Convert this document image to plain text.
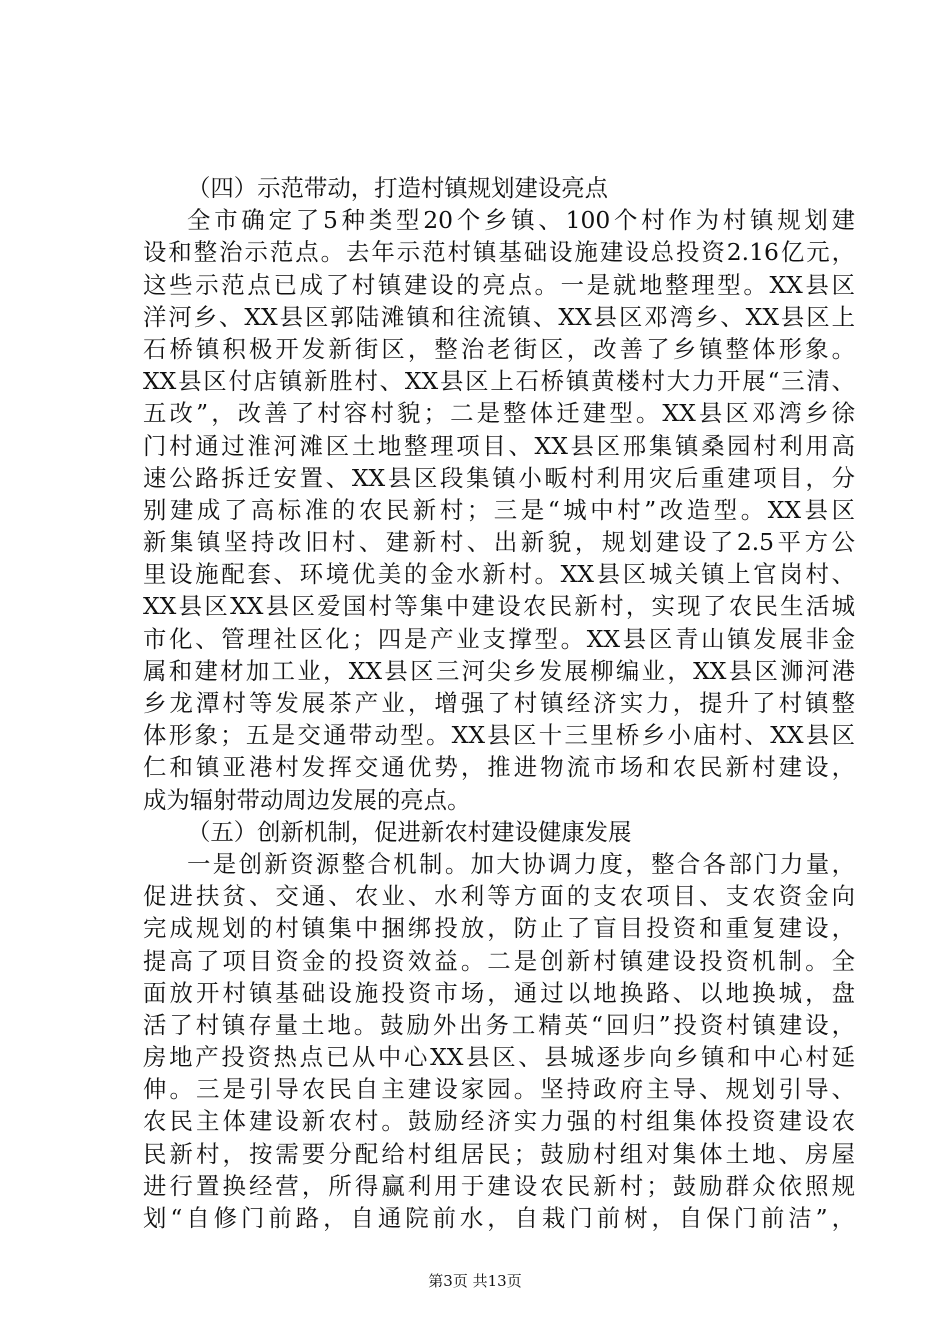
（四）示范带动，打造村镇规划建设亮点
全市确定了5种类型20个乡镇、100个村作为村镇规划建
设和整治示范点。去年示范村镇基础设施建设总投资2.16亿元，
这些示范点已成了村镇建设的亮点。一是就地整理型。XX县区
洋河乡、XX县区郭陆滩镇和往流镇、XX县区邓湾乡、XX县区上
石桥镇积极开发新街区，整治老街区，改善了乡镇整体形象。
XX县区付店镇新胜村、XX县区上石桥镇黄楼村大力开展“三清、
五改”，改善了村容村貌；二是整体迁建型。XX县区邓湾乡徐
门村通过淮河滩区土地整理项目、XX县区邢集镇桑园村利用高
速公路拆迁安置、XX县区段集镇小畈村利用灾后重建项目，分
别建成了高标准的农民新村；三是“城中村”改造型。XX县区
新集镇坚持改旧村、建新村、出新貌，规划建设了2.5平方公
里设施配套、环境优美的金水新村。XX县区城关镇上官岗村、
XX县区XX县区爱国村等集中建设农民新村，实现了农民生活城
市化、管理社区化；四是产业支撑型。XX县区青山镇发展非金
属和建材加工业，XX县区三河尖乡发展柳编业，XX县区浉河港
乡龙潭村等发展茶产业，增强了村镇经济实力，提升了村镇整
体形象；五是交通带动型。XX县区十三里桥乡小庙村、XX县区
仁和镇亚港村发挥交通优势，推进物流市场和农民新村建设，
成为辐射带动周边发展的亮点。
（五）创新机制，促进新农村建设健康发展
一是创新资源整合机制。加大协调力度，整合各部门力量，
促进扶贫、交通、农业、水利等方面的支农项目、支农资金向
完成规划的村镇集中捆绑投放，防止了盲目投资和重复建设，
提高了项目资金的投资效益。二是创新村镇建设投资机制。全
面放开村镇基础设施投资市场，通过以地换路、以地换城，盘
活了村镇存量土地。鼓励外出务工精英“回归”投资村镇建设，
房地产投资热点已从中心XX县区、县城逐步向乡镇和中心村延
伸。三是引导农民自主建设家园。坚持政府主导、规划引导、
农民主体建设新农村。鼓励经济实力强的村组集体投资建设农
民新村，按需要分配给村组居民；鼓励村组对集体土地、房屋
进行置换经营，所得赢利用于建设农民新村；鼓励群众依照规
划“自修门前路，自通院前水，自栽门前树，自保门前洁”，
第3页 共13页
